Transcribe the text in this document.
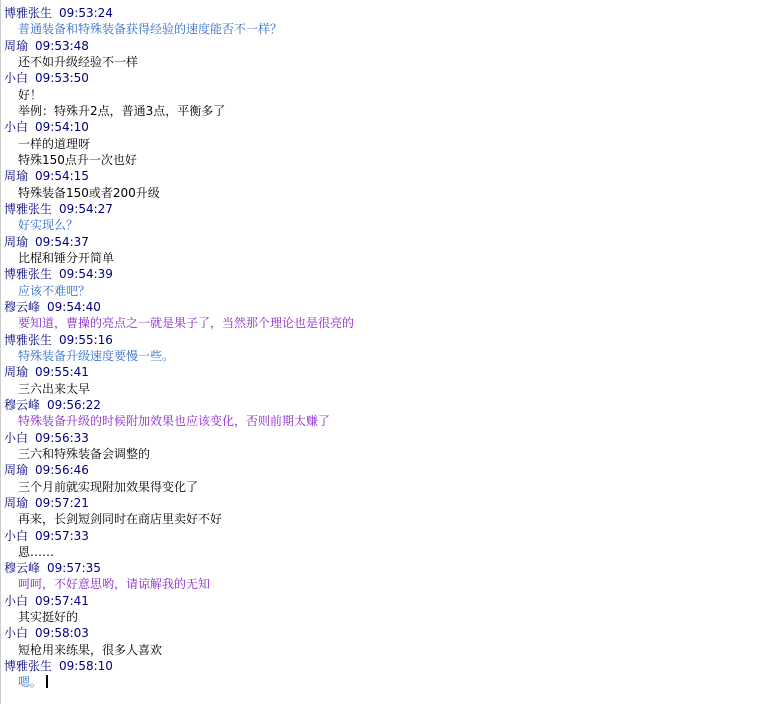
博雅张生 09:53:24
普通装备和特殊装备获得经验的速度能否不一样？
周瑜 09:53:48
还不如升级经验不一样
小白 09:53:50
好！
举例：特殊升2点，普通3点，平衡多了
小白 09:54:10
一样的道理呀
特殊150点升一次也好
周瑜 09:54:15
特殊装备150或者200升级
博雅张生 09:54:27
好实现么？
周瑜 09:54:37
比棍和锤分开简单
博雅张生 09:54:39
应该不难吧？
穆云峰 09:54:40
要知道，曹操的亮点之一就是果子了，当然那个理论也是很亮的
博雅张生 09:55:16
特殊装备升级速度要慢一些。
周瑜 09:55:41
三六出来太早
穆云峰 09:56:22
特殊装备升级的时候附加效果也应该变化，否则前期太赚了
小白 09:56:33
三六和特殊装备会调整的
周瑜 09:56:46
三个月前就实现附加效果得变化了
周瑜 09:57:21
再来，长剑短剑同时在商店里卖好不好
小白 09:57:33
恩……
穆云峰 09:57:35
呵呵，不好意思哟，请谅解我的无知
小白 09:57:41
其实挺好的
小白 09:58:03
短枪用来练果，很多人喜欢
博雅张生 09:58:10
嗯。
